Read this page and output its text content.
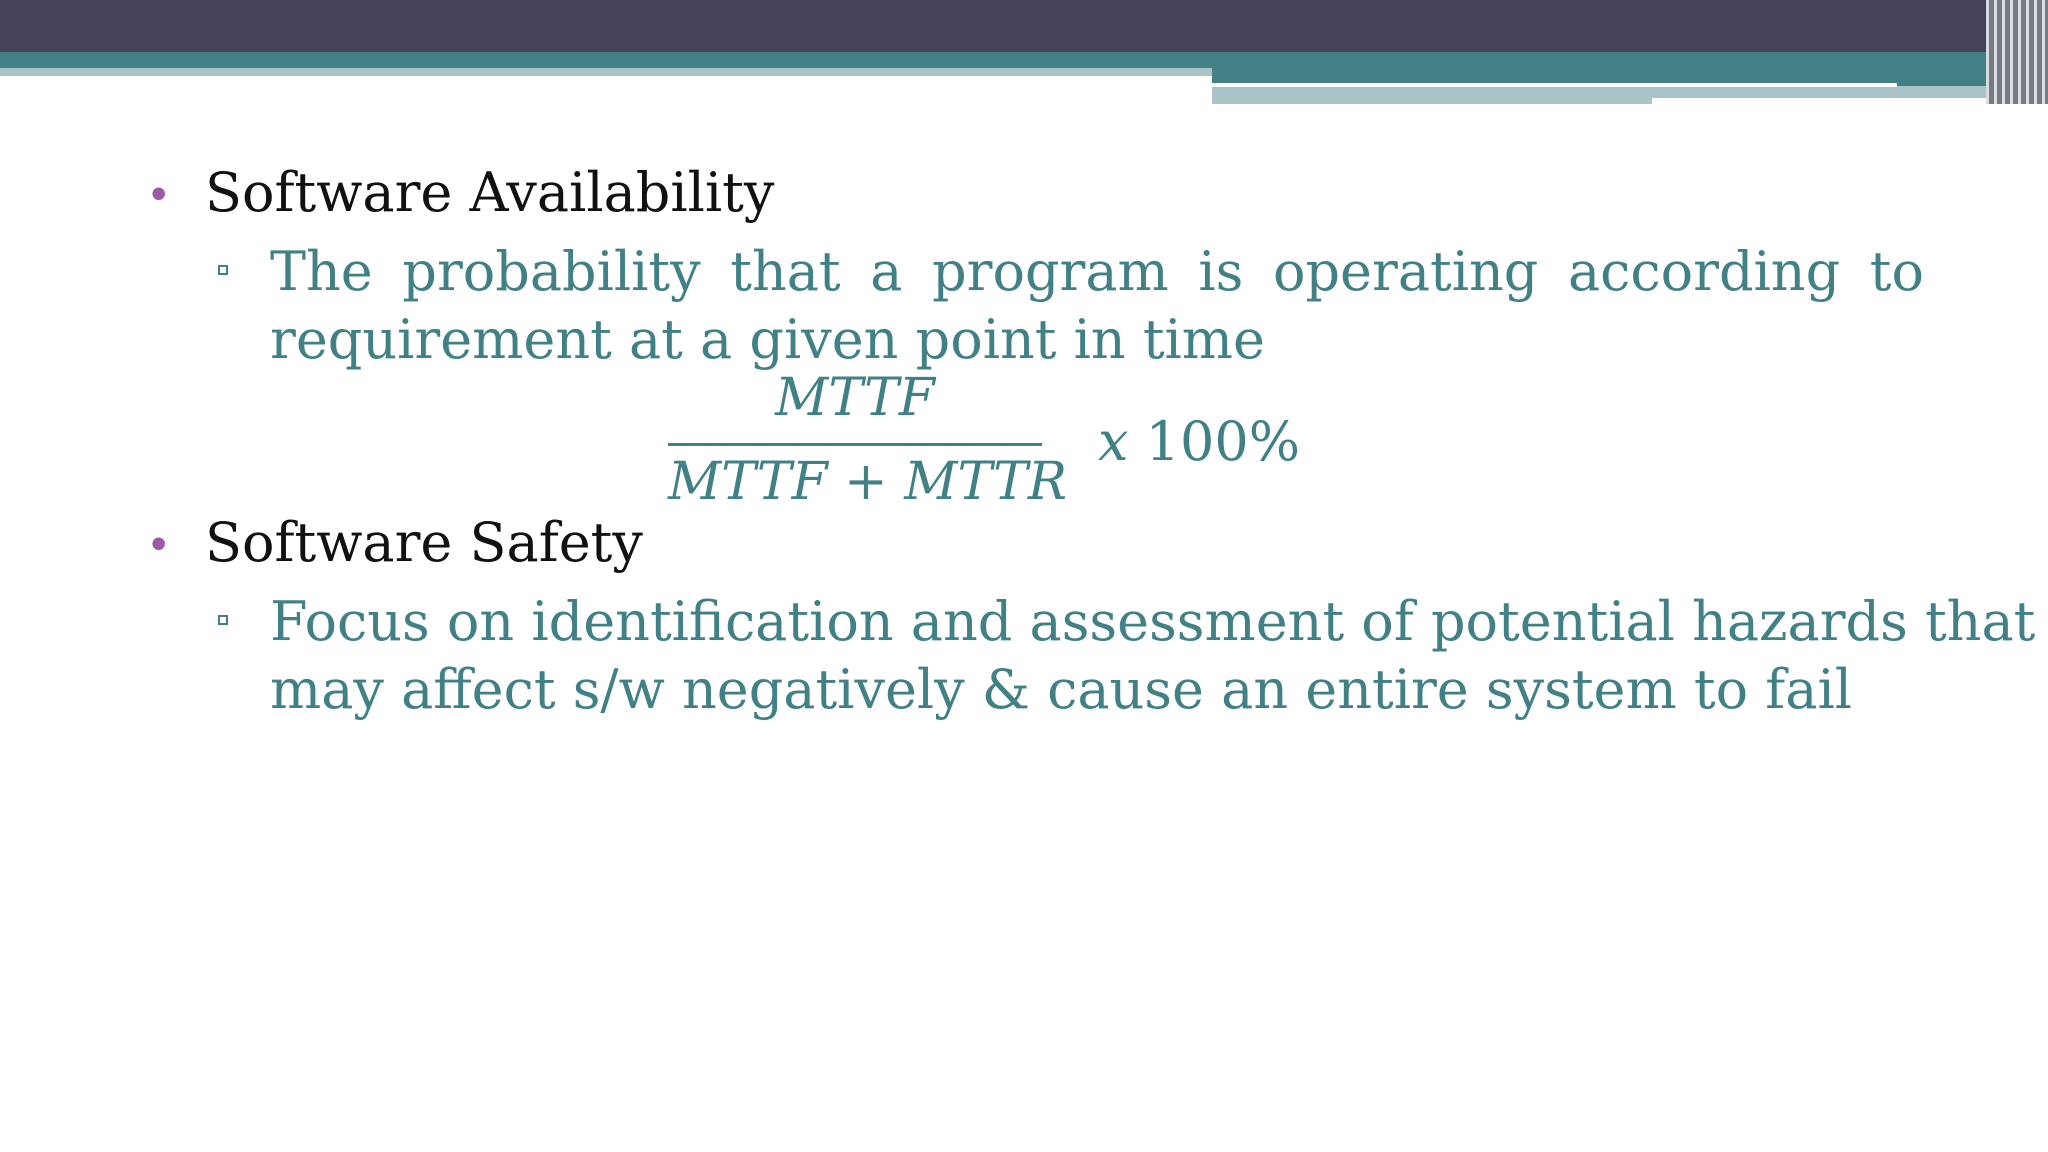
• Software Availability
The probability that a program is operating according to
requirement at a given point in time
MTTF
MTTF + MTTR
x 100%
• Software Safety
Focus on identification and assessment of potential hazards that
may affect s/w negatively & cause an entire system to fail
